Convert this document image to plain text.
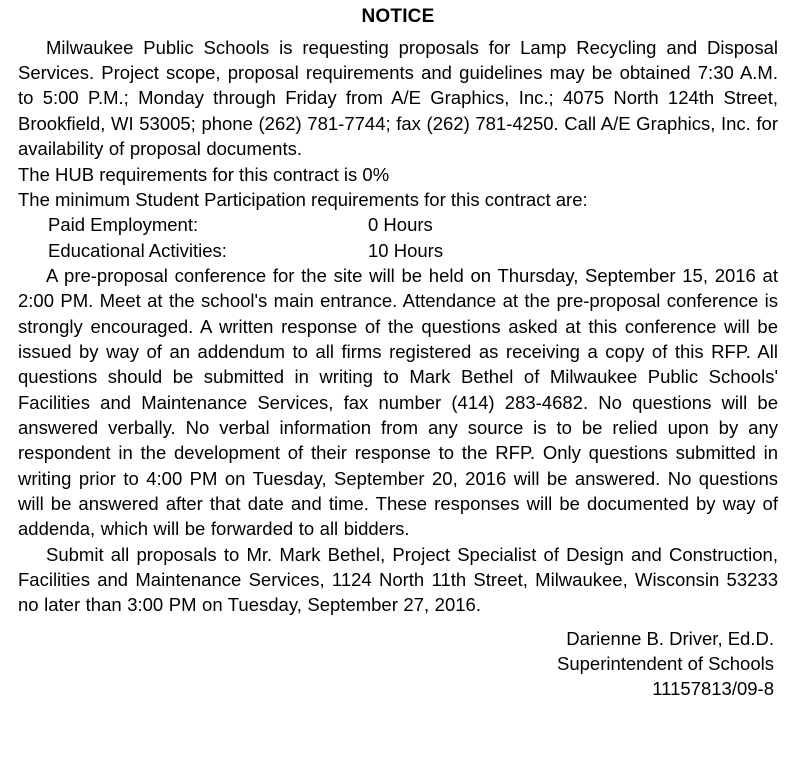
NOTICE

Milwaukee Public Schools is requesting proposals for Lamp Recycling and Disposal Services. Project scope, proposal requirements and guidelines may be obtained 7:30 A.M. to 5:00 P.M.; Monday through Friday from A/E Graphics, Inc.; 4075 North 124th Street, Brookfield, WI 53005; phone (262) 781-7744; fax (262) 781-4250. Call A/E Graphics, Inc. for availability of proposal documents.

The HUB requirements for this contract is 0%

The minimum Student Participation requirements for this contract are:

Paid Employment:	0 Hours
Educational Activities:	10 Hours

A pre-proposal conference for the site will be held on Thursday, September 15, 2016 at 2:00 PM. Meet at the school's main entrance. Attendance at the pre-proposal conference is strongly encouraged. A written response of the questions asked at this conference will be issued by way of an addendum to all firms registered as receiving a copy of this RFP. All questions should be submitted in writing to Mark Bethel of Milwaukee Public Schools' Facilities and Maintenance Services, fax number (414) 283-4682. No questions will be answered verbally. No verbal information from any source is to be relied upon by any respondent in the development of their response to the RFP. Only questions submitted in writing prior to 4:00 PM on Tuesday, September 20, 2016 will be answered. No questions will be answered after that date and time. These responses will be documented by way of addenda, which will be forwarded to all bidders.

Submit all proposals to Mr. Mark Bethel, Project Specialist of Design and Construction, Facilities and Maintenance Services, 1124 North 11th Street, Milwaukee, Wisconsin 53233 no later than 3:00 PM on Tuesday, September 27, 2016.

Darienne B. Driver, Ed.D.
Superintendent of Schools
11157813/09-8
